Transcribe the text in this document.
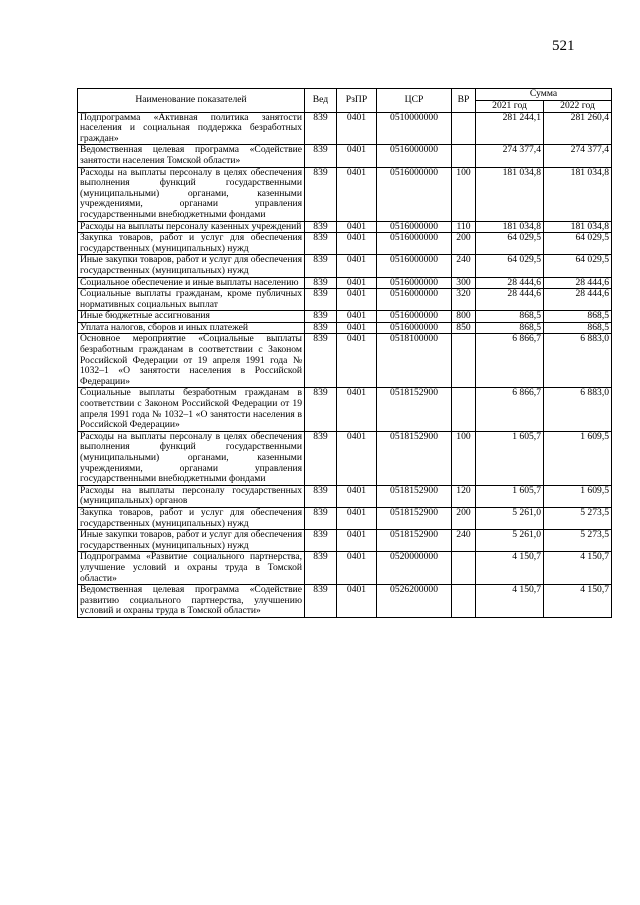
521
Наименование показателей	Вед	РзПР	ЦСР	ВР	Сумма	
					2021 год	2022 год
Подпрограмма «Активная политика занятости населения и социальная поддержка безработных граждан»	839	0401	0510000000		281 244,1	281 260,4
Ведомственная целевая программа «Содействие занятости населения Томской области»	839	0401	0516000000		274 377,4	274 377,4
Расходы на выплаты персоналу в целях обеспечения выполнения функций государственными (муниципальными) органами, казенными учреждениями, органами управления государственными внебюджетными фондами	839	0401	0516000000	100	181 034,8	181 034,8
Расходы на выплаты персоналу казенных учреждений	839	0401	0516000000	110	181 034,8	181 034,8
Закупка товаров, работ и услуг для обеспечения государственных (муниципальных) нужд	839	0401	0516000000	200	64 029,5	64 029,5
Иные закупки товаров, работ и услуг для обеспечения государственных (муниципальных) нужд	839	0401	0516000000	240	64 029,5	64 029,5
Социальное обеспечение и иные выплаты населению	839	0401	0516000000	300	28 444,6	28 444,6
Социальные выплаты гражданам, кроме публичных нормативных социальных выплат	839	0401	0516000000	320	28 444,6	28 444,6
Иные бюджетные ассигнования	839	0401	0516000000	800	868,5	868,5
Уплата налогов, сборов и иных платежей	839	0401	0516000000	850	868,5	868,5
Основное мероприятие «Социальные выплаты безработным гражданам в соответствии с Законом Российской Федерации от 19 апреля 1991 года № 1032–1 «О занятости населения в Российской Федерации»	839	0401	0518100000		6 866,7	6 883,0
Социальные выплаты безработным гражданам в соответствии с Законом Российской Федерации от 19 апреля 1991 года № 1032–1 «О занятости населения в Российской Федерации»	839	0401	0518152900		6 866,7	6 883,0
Расходы на выплаты персоналу в целях обеспечения выполнения функций государственными (муниципальными) органами, казенными учреждениями, органами управления государственными внебюджетными фондами	839	0401	0518152900	100	1 605,7	1 609,5
Расходы на выплаты персоналу государственных (муниципальных) органов	839	0401	0518152900	120	1 605,7	1 609,5
Закупка товаров, работ и услуг для обеспечения государственных (муниципальных) нужд	839	0401	0518152900	200	5 261,0	5 273,5
Иные закупки товаров, работ и услуг для обеспечения государственных (муниципальных) нужд	839	0401	0518152900	240	5 261,0	5 273,5
Подпрограмма «Развитие социального партнерства, улучшение условий и охраны труда в Томской области»	839	0401	0520000000		4 150,7	4 150,7
Ведомственная целевая программа «Содействие развитию социального партнерства, улучшению условий и охраны труда в Томской области»	839	0401	0526200000		4 150,7	4 150,7
